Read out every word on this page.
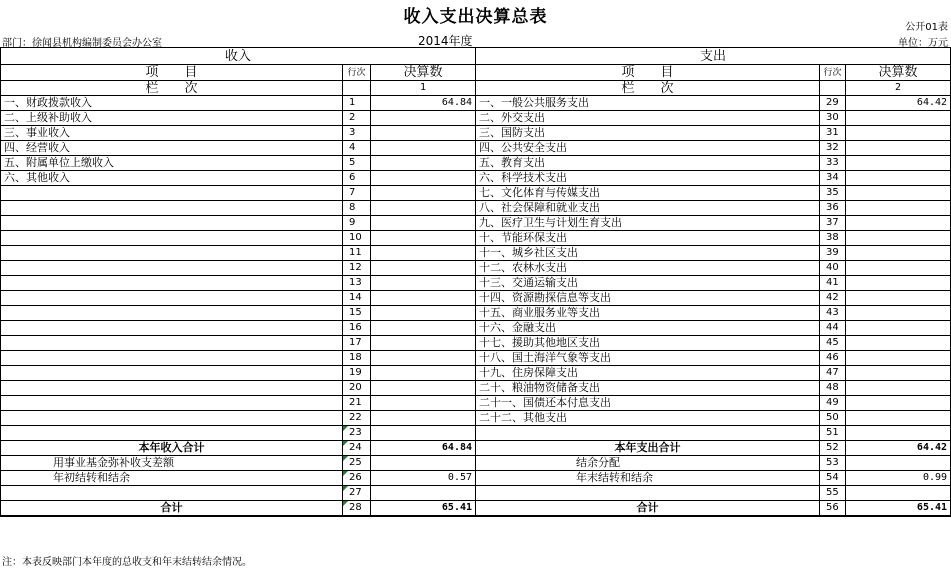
收入支出决算总表
公开01表
部门：徐闻县机构编制委员会办公室	2014年度	单位：万元
收入			支出		
项　　目	行次	决算数	项　　目	行次	决算数
栏　　次		1	栏　　次		2
一、财政拨款收入	1	64.84	一、一般公共服务支出	29	64.42
二、上级补助收入	2		二、外交支出	30	
三、事业收入	3		三、国防支出	31	
四、经营收入	4		四、公共安全支出	32	
五、附属单位上缴收入	5		五、教育支出	33	
六、其他收入	6		六、科学技术支出	34	
	7		七、文化体育与传媒支出	35	
	8		八、社会保障和就业支出	36	
	9		九、医疗卫生与计划生育支出	37	
	10		十、节能环保支出	38	
	11		十一、城乡社区支出	39	
	12		十二、农林水支出	40	
	13		十三、交通运输支出	41	
	14		十四、资源勘探信息等支出	42	
	15		十五、商业服务业等支出	43	
	16		十六、金融支出	44	
	17		十七、援助其他地区支出	45	
	18		十八、国土海洋气象等支出	46	
	19		十九、住房保障支出	47	
	20		二十、粮油物资储备支出	48	
	21		二十一、国债还本付息支出	49	
	22		二十二、其他支出	50	
	23			51	
本年收入合计	24	64.84	本年支出合计	52	64.42
用事业基金弥补收支差额	25		结余分配	53	
年初结转和结余	26	0.57	年末结转和结余	54	0.99
	27			55	
合计	28	65.41	合计	56	65.41
注：本表反映部门本年度的总收支和年末结转结余情况。
